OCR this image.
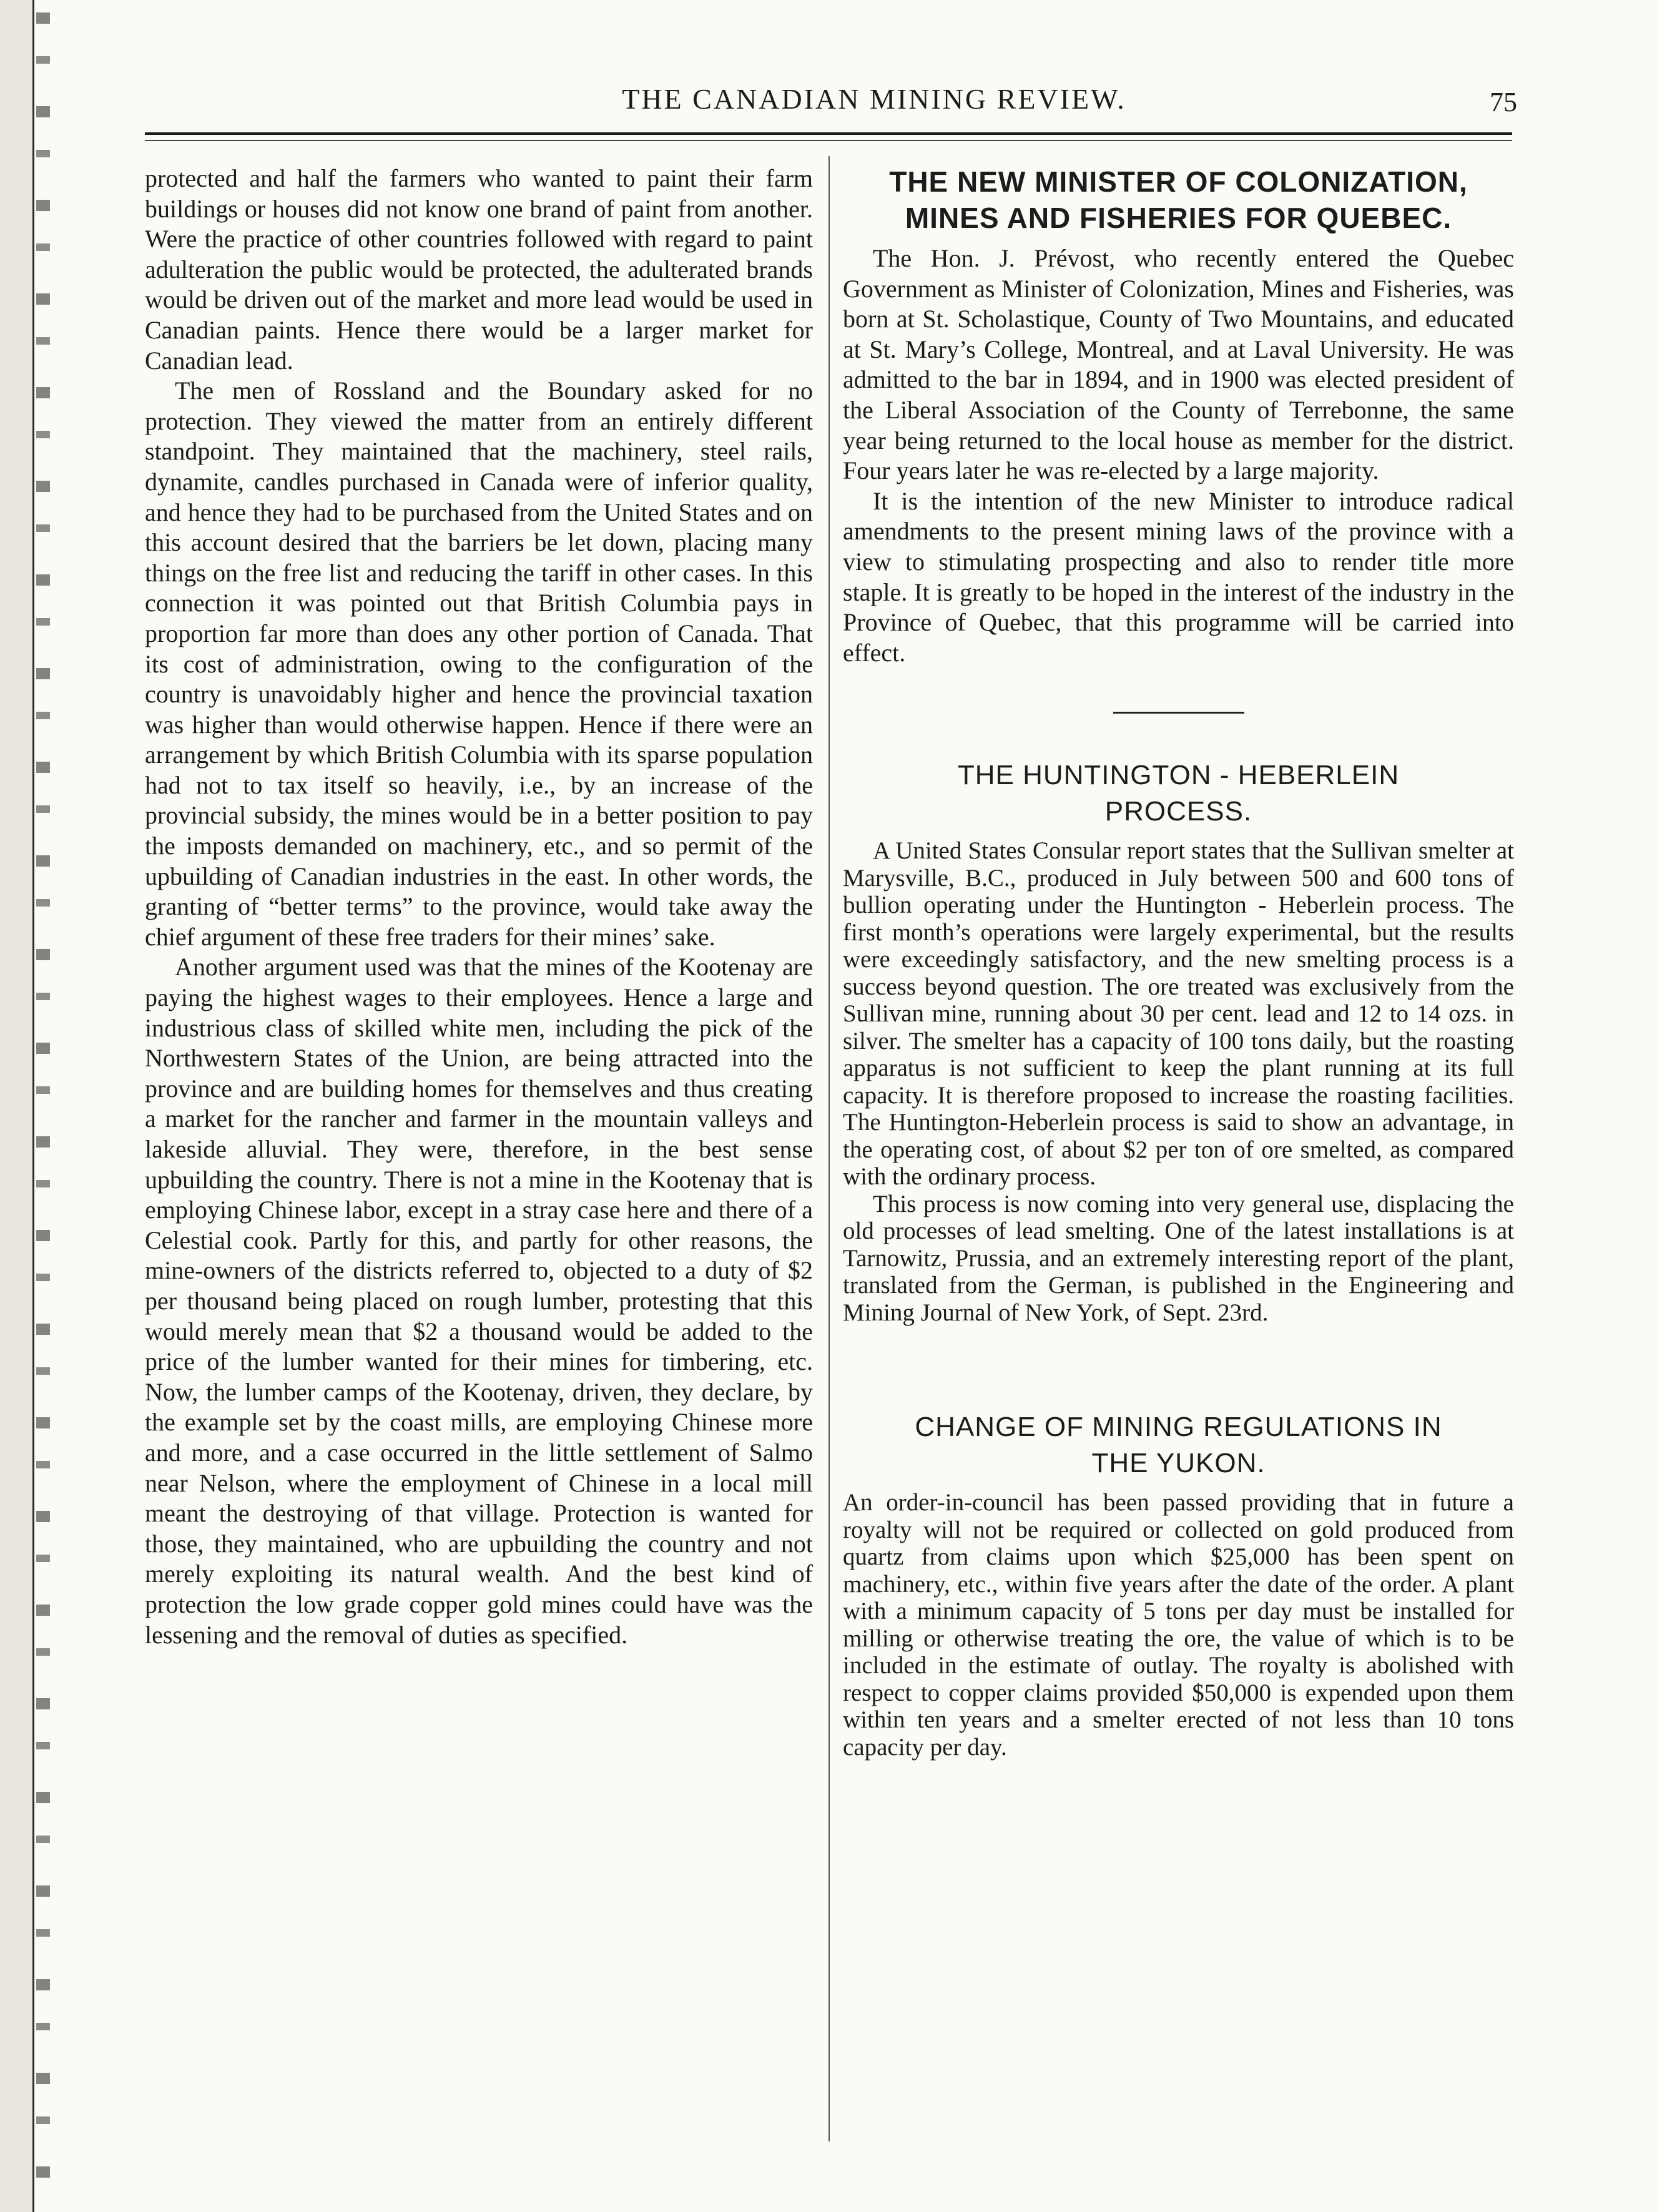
THE CANADIAN MINING REVIEW.	75

protected and half the farmers who wanted to paint their farm buildings or houses did not know one brand of paint from another. Were the practice of other countries followed with regard to paint adulteration the public would be protected, the adulterated brands would be driven out of the market and more lead would be used in Canadian paints. Hence there would be a larger market for Canadian lead.

The men of Rossland and the Boundary asked for no protection. They viewed the matter from an entirely different standpoint. They maintained that the machinery, steel rails, dynamite, candles purchased in Canada were of inferior quality, and hence they had to be purchased from the United States and on this account desired that the barriers be let down, placing many things on the free list and reducing the tariff in other cases. In this connection it was pointed out that British Columbia pays in proportion far more than does any other portion of Canada. That its cost of administration, owing to the configuration of the country is unavoidably higher and hence the provincial taxation was higher than would otherwise happen. Hence if there were an arrangement by which British Columbia with its sparse population had not to tax itself so heavily, i.e., by an increase of the provincial subsidy, the mines would be in a better position to pay the imposts demanded on machinery, etc., and so permit of the upbuilding of Canadian industries in the east. In other words, the granting of “better terms” to the province, would take away the chief argument of these free traders for their mines’ sake.

Another argument used was that the mines of the Kootenay are paying the highest wages to their employees. Hence a large and industrious class of skilled white men, including the pick of the Northwestern States of the Union, are being attracted into the province and are building homes for themselves and thus creating a market for the rancher and farmer in the mountain valleys and lakeside alluvial. They were, therefore, in the best sense upbuilding the country. There is not a mine in the Kootenay that is employing Chinese labor, except in a stray case here and there of a Celestial cook. Partly for this, and partly for other reasons, the mine-owners of the districts referred to, objected to a duty of $2 per thousand being placed on rough lumber, protesting that this would merely mean that $2 a thousand would be added to the price of the lumber wanted for their mines for timbering, etc. Now, the lumber camps of the Kootenay, driven, they declare, by the example set by the coast mills, are employing Chinese more and more, and a case occurred in the little settlement of Salmo near Nelson, where the employment of Chinese in a local mill meant the destroying of that village. Protection is wanted for those, they maintained, who are upbuilding the country and not merely exploiting its natural wealth. And the best kind of protection the low grade copper gold mines could have was the lessening and the removal of duties as specified.

THE NEW MINISTER OF COLONIZATION,
MINES AND FISHERIES FOR QUEBEC.

The Hon. J. Prévost, who recently entered the Quebec Government as Minister of Colonization, Mines and Fisheries, was born at St. Scholastique, County of Two Mountains, and educated at St. Mary’s College, Montreal, and at Laval University. He was admitted to the bar in 1894, and in 1900 was elected president of the Liberal Association of the County of Terrebonne, the same year being returned to the local house as member for the district. Four years later he was re-elected by a large majority.

It is the intention of the new Minister to introduce radical amendments to the present mining laws of the province with a view to stimulating prospecting and also to render title more staple. It is greatly to be hoped in the interest of the industry in the Province of Quebec, that this programme will be carried into effect.

THE HUNTINGTON - HEBERLEIN
PROCESS.

A United States Consular report states that the Sullivan smelter at Marysville, B.C., produced in July between 500 and 600 tons of bullion operating under the Huntington - Heberlein process. The first month’s operations were largely experimental, but the results were exceedingly satisfactory, and the new smelting process is a success beyond question. The ore treated was exclusively from the Sullivan mine, running about 30 per cent. lead and 12 to 14 ozs. in silver. The smelter has a capacity of 100 tons daily, but the roasting apparatus is not sufficient to keep the plant running at its full capacity. It is therefore proposed to increase the roasting facilities. The Huntington-Heberlein process is said to show an advantage, in the operating cost, of about $2 per ton of ore smelted, as compared with the ordinary process.

This process is now coming into very general use, displacing the old processes of lead smelting. One of the latest installations is at Tarnowitz, Prussia, and an extremely interesting report of the plant, translated from the German, is published in the Engineering and Mining Journal of New York, of Sept. 23rd.

CHANGE OF MINING REGULATIONS IN
THE YUKON.

An order-in-council has been passed providing that in future a royalty will not be required or collected on gold produced from quartz from claims upon which $25,000 has been spent on machinery, etc., within five years after the date of the order. A plant with a minimum capacity of 5 tons per day must be installed for milling or otherwise treating the ore, the value of which is to be included in the estimate of outlay. The royalty is abolished with respect to copper claims provided $50,000 is expended upon them within ten years and a smelter erected of not less than 10 tons capacity per day.
